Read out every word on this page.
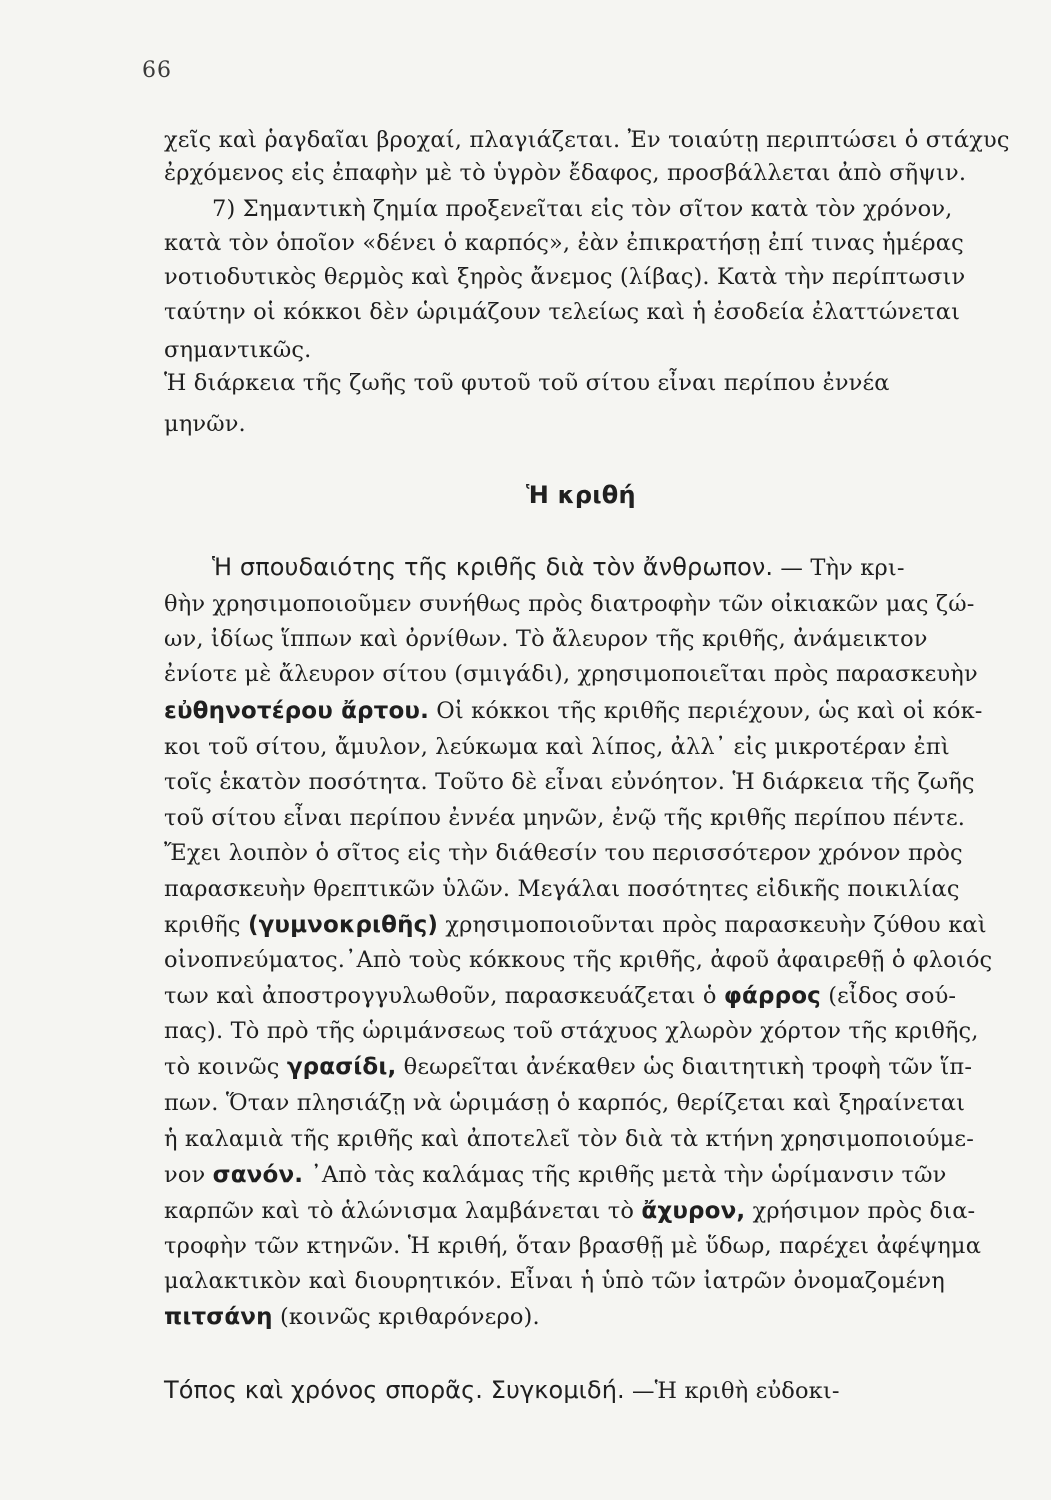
66
χεῖς καὶ ῥαγδαῖαι βροχαί, πλαγιάζεται. Ἐν τοιαύτῃ περιπτώσει ὁ στάχυς
ἐρχόμενος εἰς ἐπαφὴν μὲ τὸ ὑγρὸν ἔδαφος, προσβάλλεται ἀπὸ σῆψιν.
7) Σημαντικὴ ζημία προξενεῖται εἰς τὸν σῖτον κατὰ τὸν χρόνον,
κατὰ τὸν ὁποῖον «δένει ὁ καρπός», ἐὰν ἐπικρατήσῃ ἐπί τινας ἡμέρας
νοτιοδυτικὸς θερμὸς καὶ ξηρὸς ἄνεμος (λίβας). Κατὰ τὴν περίπτωσιν
ταύτην οἱ κόκκοι δὲν ὡριμάζουν τελείως καὶ ἡ ἐσοδεία ἐλαττώνεται
σημαντικῶς.
Ἡ διάρκεια τῆς ζωῆς τοῦ φυτοῦ τοῦ σίτου εἶναι περίπου ἐννέα
μηνῶν.
Ἡ κριθή
Ἡ σπουδαιότης τῆς κριθῆς διὰ τὸν ἄνθρωπον. — Τὴν κρι-
θὴν χρησιμοποιοῦμεν συνήθως πρὸς διατροφὴν τῶν οἰκιακῶν μας ζώ-
ων, ἰδίως ἵππων καὶ ὀρνίθων. Τὸ ἄλευρον τῆς κριθῆς, ἀνάμεικτον
ἐνίοτε μὲ ἄλευρον σίτου (σμιγάδι), χρησιμοποιεῖται πρὸς παρασκευὴν
εὐθηνοτέρου ἄρτου. Οἱ κόκκοι τῆς κριθῆς περιέχουν, ὡς καὶ οἱ κόκ-
κοι τοῦ σίτου, ἄμυλον, λεύκωμα καὶ λίπος, ἀλλ᾽ εἰς μικροτέραν ἐπὶ
τοῖς ἑκατὸν ποσότητα. Τοῦτο δὲ εἶναι εὐνόητον. Ἡ διάρκεια τῆς ζωῆς
τοῦ σίτου εἶναι περίπου ἐννέα μηνῶν, ἐνῷ τῆς κριθῆς περίπου πέντε.
Ἔχει λοιπὸν ὁ σῖτος εἰς τὴν διάθεσίν του περισσότερον χρόνον πρὸς
παρασκευὴν θρεπτικῶν ὑλῶν. Μεγάλαι ποσότητες εἰδικῆς ποικιλίας
κριθῆς (γυμνοκριθῆς) χρησιμοποιοῦνται πρὸς παρασκευὴν ζύθου καὶ
οἰνοπνεύματος.᾽Απὸ τοὺς κόκκους τῆς κριθῆς, ἀφοῦ ἀφαιρεθῇ ὁ φλοιός
των καὶ ἀποστρογγυλωθοῦν, παρασκευάζεται ὁ φάρρος (εἶδος σού-
πας). Τὸ πρὸ τῆς ὡριμάνσεως τοῦ στάχυος χλωρὸν χόρτον τῆς κριθῆς,
τὸ κοινῶς γρασίδι, θεωρεῖται ἀνέκαθεν ὡς διαιτητικὴ τροφὴ τῶν ἵπ-
πων. Ὅταν πλησιάζῃ νὰ ὡριμάσῃ ὁ καρπός, θερίζεται καὶ ξηραίνεται
ἡ καλαμιὰ τῆς κριθῆς καὶ ἀποτελεῖ τὸν διὰ τὰ κτήνη χρησιμοποιούμε-
νον σανόν. ᾿Απὸ τὰς καλάμας τῆς κριθῆς μετὰ τὴν ὡρίμανσιν τῶν
καρπῶν καὶ τὸ ἁλώνισμα λαμβάνεται τὸ ἄχυρον, χρήσιμον πρὸς δια-
τροφὴν τῶν κτηνῶν. Ἡ κριθή, ὅταν βρασθῇ μὲ ὕδωρ, παρέχει ἀφέψημα
μαλακτικὸν καὶ διουρητικόν. Εἶναι ἡ ὑπὸ τῶν ἰατρῶν ὀνομαζομένη
πιτσάνη (κοινῶς κριθαρόνερο).
Τόπος καὶ χρόνος σπορᾶς. Συγκομιδή. —Ἡ κριθὴ εὐδοκι-
